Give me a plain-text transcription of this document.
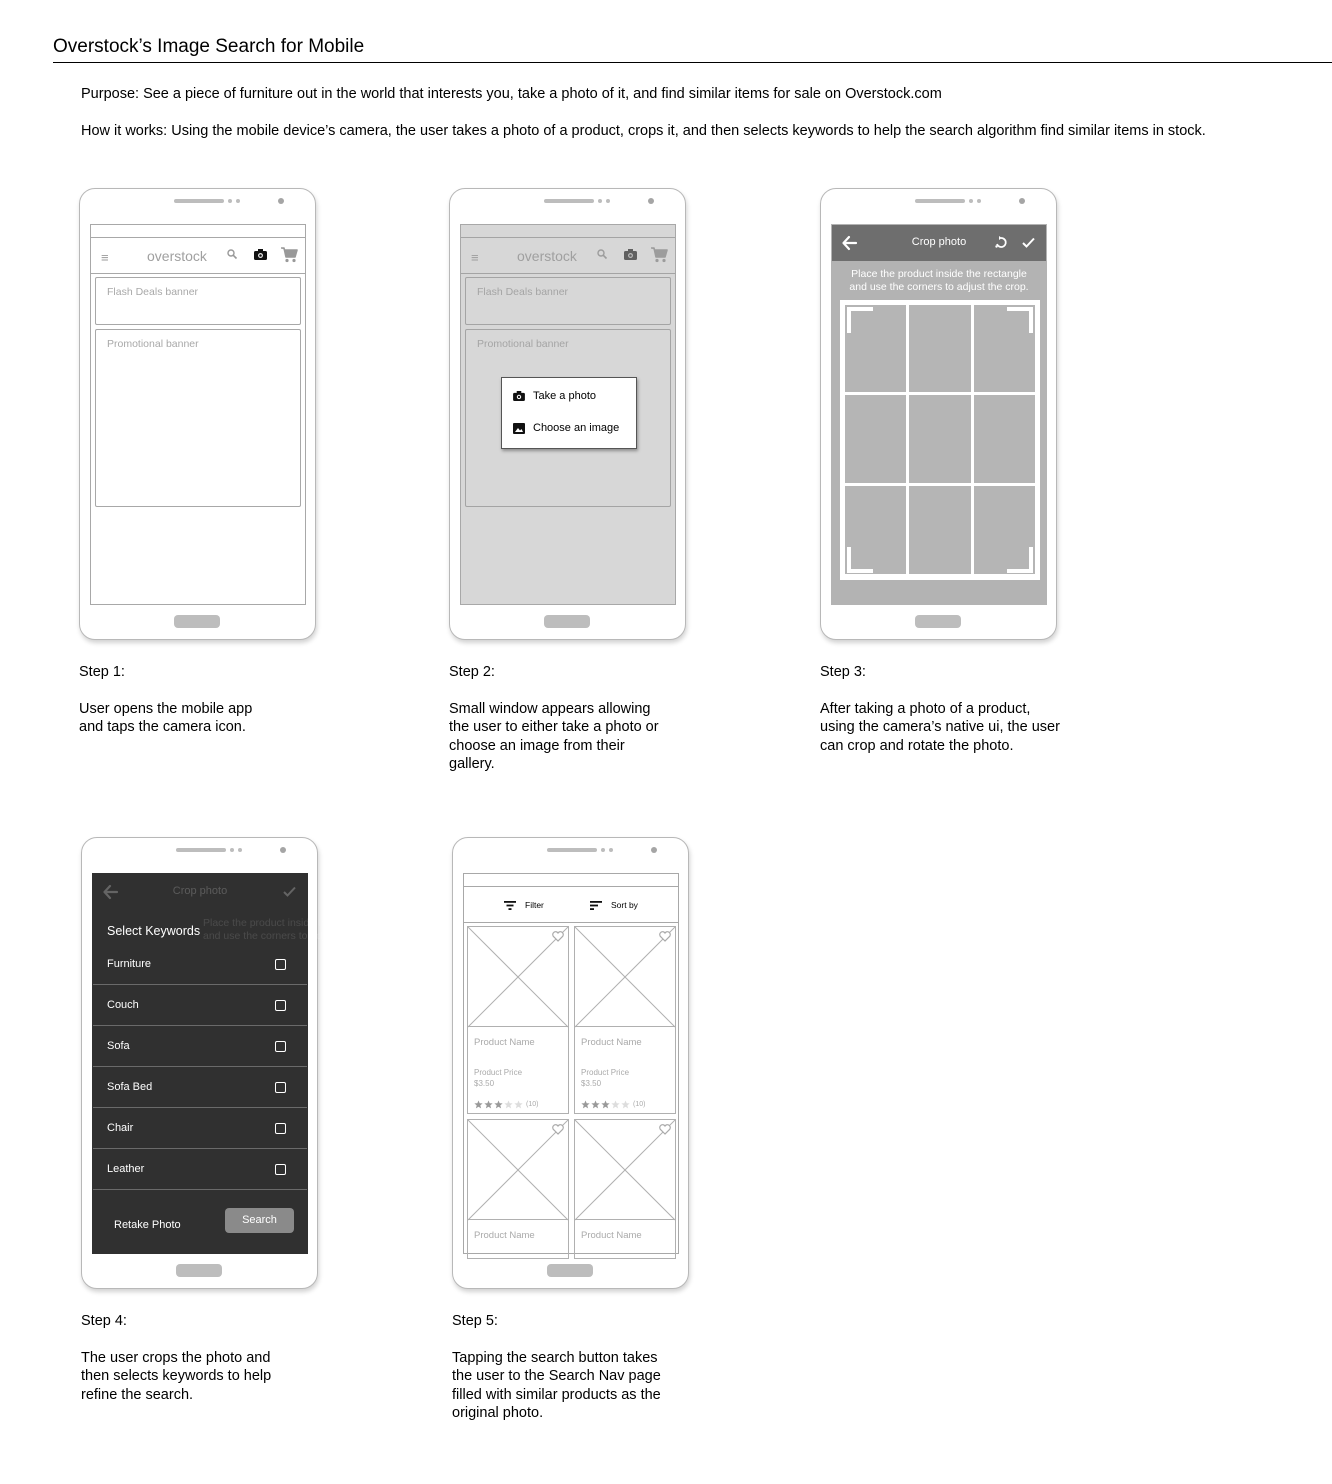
Overstock’s Image Search for Mobile
Purpose: See a piece of furniture out in the world that interests you, take a photo of it, and find similar items for sale on Overstock.com
How it works: Using the mobile device’s camera, the user takes a photo of a product, crops it, and then selects keywords to help the search algorithm find similar items in stock.
≡	overstock
Flash Deals banner
Promotional banner
Step 1:
User opens the mobile app and taps the camera icon.
≡	overstock
Flash Deals banner
Promotional banner
Take a photo
Choose an image
Step 2:
Small window appears allowing the user to either take a photo or choose an image from their gallery.
Crop photo
Place the product inside the rectangle
and use the corners to adjust the crop.
Step 3:
After taking a photo of a product, using the camera’s native ui, the user can crop and rotate the photo.
Crop photo
Place the product inside the rectangle
and use the corners to adjust the crop.
Select Keywords
Furniture
Couch
Sofa
Sofa Bed
Chair
Leather
Retake Photo	Search
Step 4:
The user crops the photo and then selects keywords to help refine the search.
Filter	Sort by
Product Name
Product Price
$3.50
(10)
Product Name
Product Price
$3.50
(10)
Product Name	Product Name
Step 5:
Tapping the search button takes the user to the Search Nav page filled with similar products as the original photo.
